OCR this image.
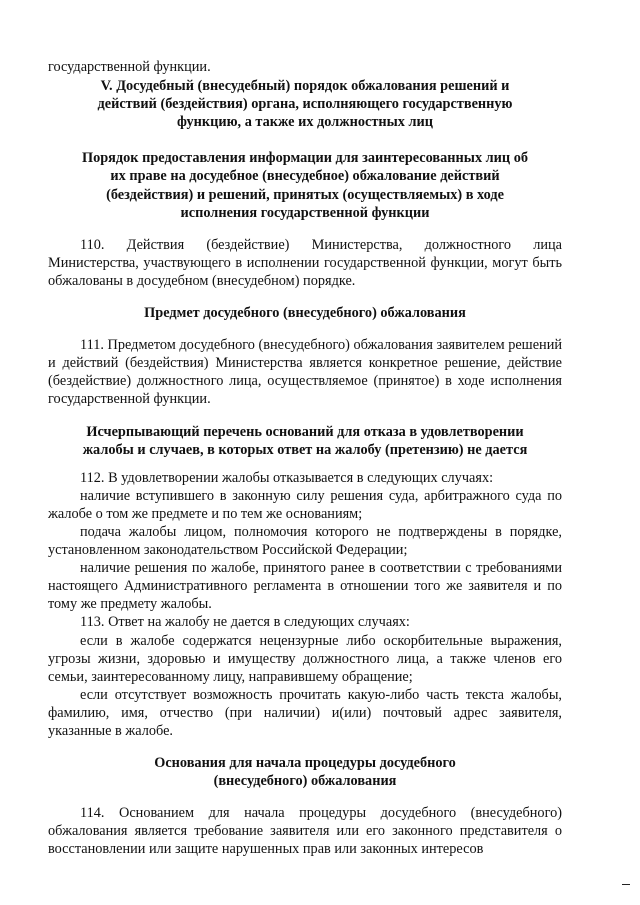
государственной функции.

V. Досудебный (внесудебный) порядок обжалования решений и действий (бездействия) органа, исполняющего государственную функцию, а также их должностных лиц

Порядок предоставления информации для заинтересованных лиц об их праве на досудебное (внесудебное) обжалование действий (бездействия) и решений, принятых (осуществляемых) в ходе исполнения государственной функции

110. Действия (бездействие) Министерства, должностного лица Министерства, участвующего в исполнении государственной функции, могут быть обжалованы в досудебном (внесудебном) порядке.

Предмет досудебного (внесудебного) обжалования

111. Предметом досудебного (внесудебного) обжалования заявителем решений и действий (бездействия) Министерства является конкретное решение, действие (бездействие) должностного лица, осуществляемое (принятое) в ходе исполнения государственной функции.

Исчерпывающий перечень оснований для отказа в удовлетворении жалобы и случаев, в которых ответ на жалобу (претензию) не дается

112. В удовлетворении жалобы отказывается в следующих случаях:

наличие вступившего в законную силу решения суда, арбитражного суда по жалобе о том же предмете и по тем же основаниям;

подача жалобы лицом, полномочия которого не подтверждены в порядке, установленном законодательством Российской Федерации;

наличие решения по жалобе, принятого ранее в соответствии с требованиями настоящего Административного регламента в отношении того же заявителя и по тому же предмету жалобы.

113. Ответ на жалобу не дается в следующих случаях:

если в жалобе содержатся нецензурные либо оскорбительные выражения, угрозы жизни, здоровью и имуществу должностного лица, а также членов его семьи, заинтересованному лицу, направившему обращение;

если отсутствует возможность прочитать какую-либо часть текста жалобы, фамилию, имя, отчество (при наличии) и(или) почтовый адрес заявителя, указанные в жалобе.

Основания для начала процедуры досудебного (внесудебного) обжалования

114. Основанием для начала процедуры досудебного (внесудебного) обжалования является требование заявителя или его законного представителя о восстановлении или защите нарушенных прав или законных интересов
